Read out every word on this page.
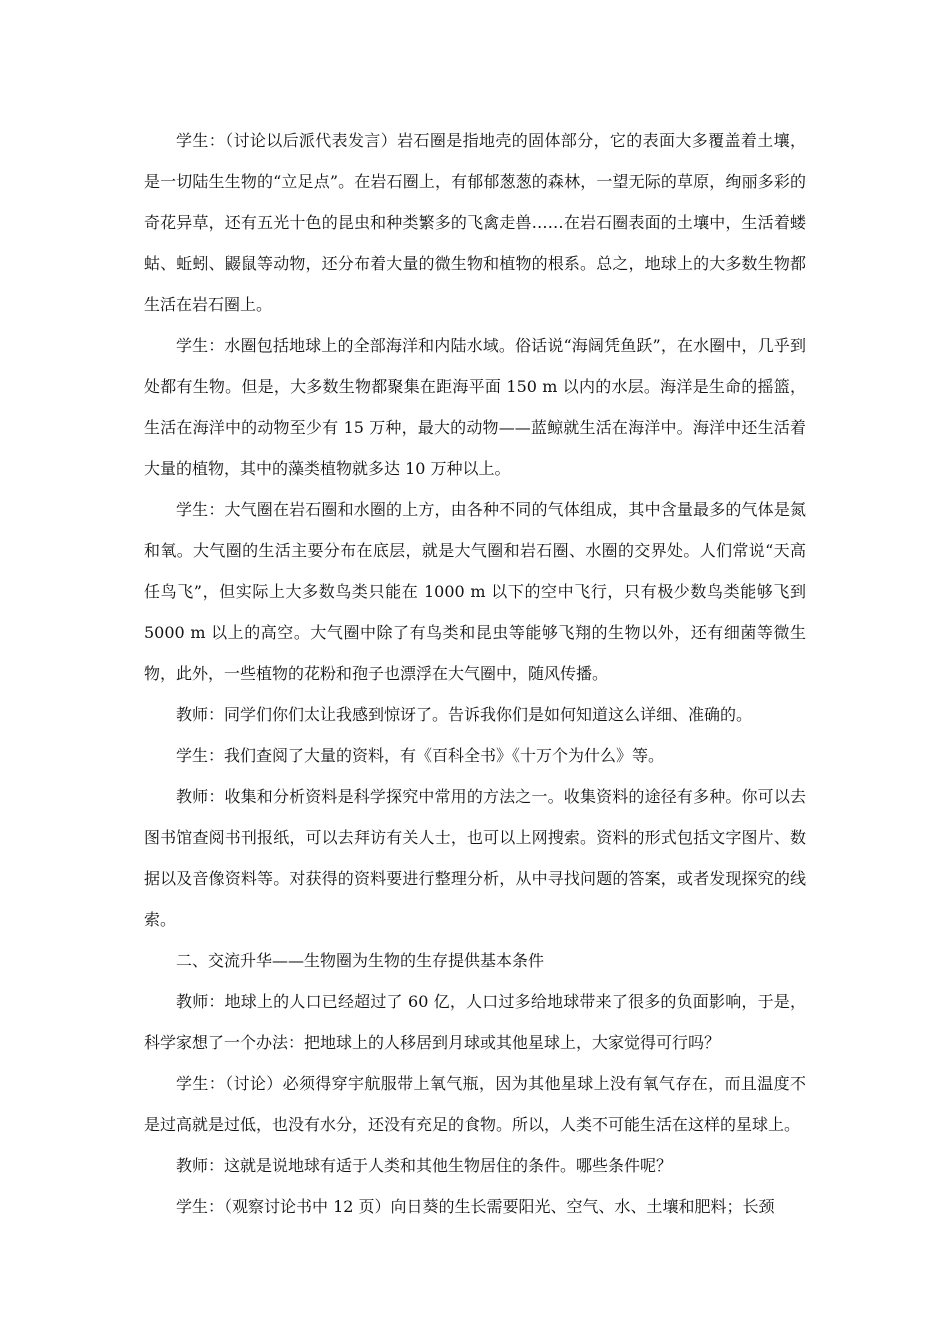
学生：（讨论以后派代表发言）岩石圈是指地壳的固体部分，它的表面大多覆盖着土壤，是一切陆生生物的“立足点”。在岩石圈上，有郁郁葱葱的森林，一望无际的草原，绚丽多彩的奇花异草，还有五光十色的昆虫和种类繁多的飞禽走兽……在岩石圈表面的土壤中，生活着蝼蛄、蚯蚓、鼹鼠等动物，还分布着大量的微生物和植物的根系。总之，地球上的大多数生物都生活在岩石圈上。

学生：水圈包括地球上的全部海洋和内陆水域。俗话说“海阔凭鱼跃”，在水圈中，几乎到处都有生物。但是，大多数生物都聚集在距海平面 150 m 以内的水层。海洋是生命的摇篮，生活在海洋中的动物至少有 15 万种，最大的动物——蓝鲸就生活在海洋中。海洋中还生活着大量的植物，其中的藻类植物就多达 10 万种以上。

学生：大气圈在岩石圈和水圈的上方，由各种不同的气体组成，其中含量最多的气体是氮和氧。大气圈的生活主要分布在底层，就是大气圈和岩石圈、水圈的交界处。人们常说“天高任鸟飞”，但实际上大多数鸟类只能在 1000 m 以下的空中飞行，只有极少数鸟类能够飞到 5000 m 以上的高空。大气圈中除了有鸟类和昆虫等能够飞翔的生物以外，还有细菌等微生物，此外，一些植物的花粉和孢子也漂浮在大气圈中，随风传播。

教师：同学们你们太让我感到惊讶了。告诉我你们是如何知道这么详细、准确的。

学生：我们查阅了大量的资料，有《百科全书》《十万个为什么》等。

教师：收集和分析资料是科学探究中常用的方法之一。收集资料的途径有多种。你可以去图书馆查阅书刊报纸，可以去拜访有关人士，也可以上网搜索。资料的形式包括文字图片、数据以及音像资料等。对获得的资料要进行整理分析，从中寻找问题的答案，或者发现探究的线索。

二、交流升华——生物圈为生物的生存提供基本条件

教师：地球上的人口已经超过了 60 亿，人口过多给地球带来了很多的负面影响，于是，科学家想了一个办法：把地球上的人移居到月球或其他星球上，大家觉得可行吗？

学生：（讨论）必须得穿宇航服带上氧气瓶，因为其他星球上没有氧气存在，而且温度不是过高就是过低，也没有水分，还没有充足的食物。所以，人类不可能生活在这样的星球上。

教师：这就是说地球有适于人类和其他生物居住的条件。哪些条件呢？

学生：（观察讨论书中 12 页）向日葵的生长需要阳光、空气、水、土壤和肥料；长颈
